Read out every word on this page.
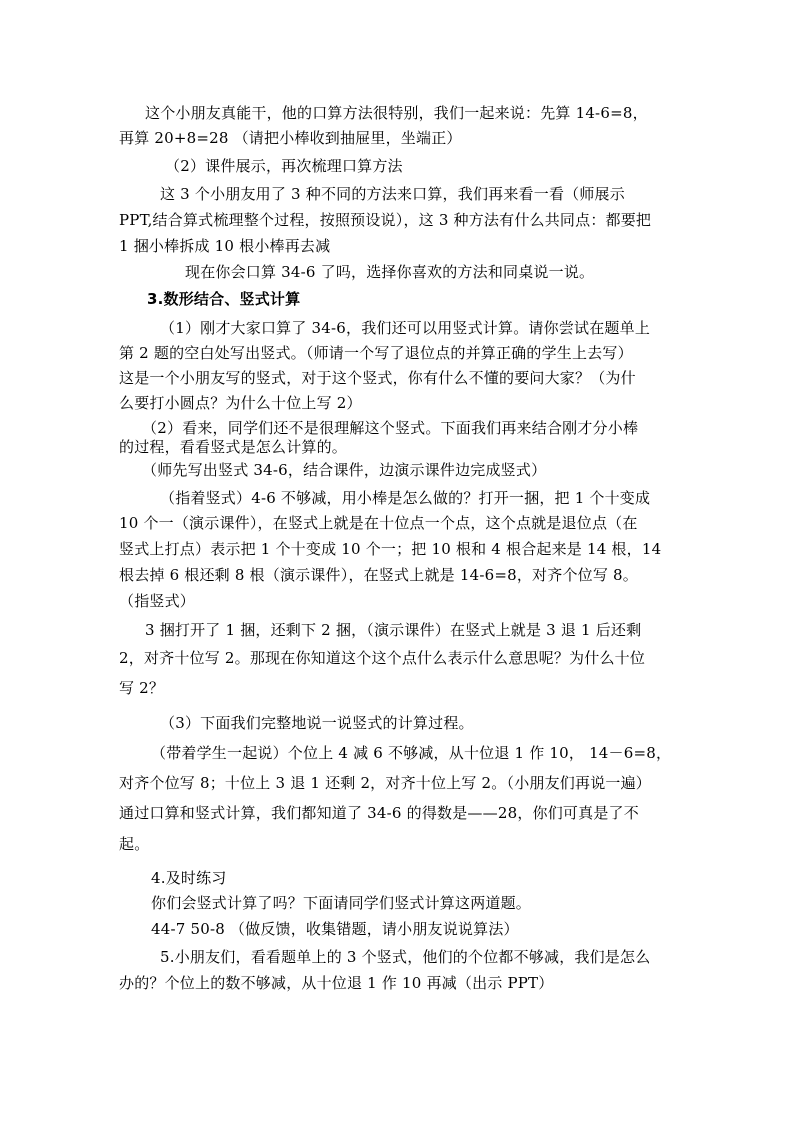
这个小朋友真能干，他的口算方法很特别，我们一起来说：先算 14-6=8，
再算 20+8=28 （请把小棒收到抽屉里，坐端正）
（2）课件展示，再次梳理口算方法
这 3 个小朋友用了 3 种不同的方法来口算，我们再来看一看（师展示
PPT,结合算式梳理整个过程，按照预设说），这 3 种方法有什么共同点：都要把
1 捆小棒拆成 10 根小棒再去减
现在你会口算 34-6 了吗，选择你喜欢的方法和同桌说一说。
3.数形结合、竖式计算
（1）刚才大家口算了 34-6，我们还可以用竖式计算。请你尝试在题单上
第 2 题的空白处写出竖式。（师请一个写了退位点的并算正确的学生上去写）
这是一个小朋友写的竖式，对于这个竖式，你有什么不懂的要问大家？（为什
么要打小圆点？为什么十位上写 2）
（2）看来，同学们还不是很理解这个竖式。下面我们再来结合刚才分小棒
的过程，看看竖式是怎么计算的。
（师先写出竖式 34-6，结合课件，边演示课件边完成竖式）
（指着竖式）4-6 不够减，用小棒是怎么做的？打开一捆，把 1 个十变成
10 个一（演示课件），在竖式上就是在十位点一个点，这个点就是退位点（在
竖式上打点）表示把 1 个十变成 10 个一；把 10 根和 4 根合起来是 14 根，14
根去掉 6 根还剩 8 根（演示课件），在竖式上就是 14-6=8，对齐个位写 8。
（指竖式）
3 捆打开了 1 捆，还剩下 2 捆，（演示课件）在竖式上就是 3 退 1 后还剩
2，对齐十位写 2。那现在你知道这个这个点什么表示什么意思呢？为什么十位
写 2？
（3）下面我们完整地说一说竖式的计算过程。
（带着学生一起说）个位上 4 减 6 不够减，从十位退 1 作 10， 14－6=8，
对齐个位写 8；十位上 3 退 1 还剩 2，对齐十位上写 2。（小朋友们再说一遍）
通过口算和竖式计算，我们都知道了 34-6 的得数是——28，你们可真是了不
起。
4.及时练习
你们会竖式计算了吗？下面请同学们竖式计算这两道题。
44-7 50-8 （做反馈，收集错题，请小朋友说说算法）
5.小朋友们，看看题单上的 3 个竖式，他们的个位都不够减，我们是怎么
办的？个位上的数不够减，从十位退 1 作 10 再减（出示 PPT）
